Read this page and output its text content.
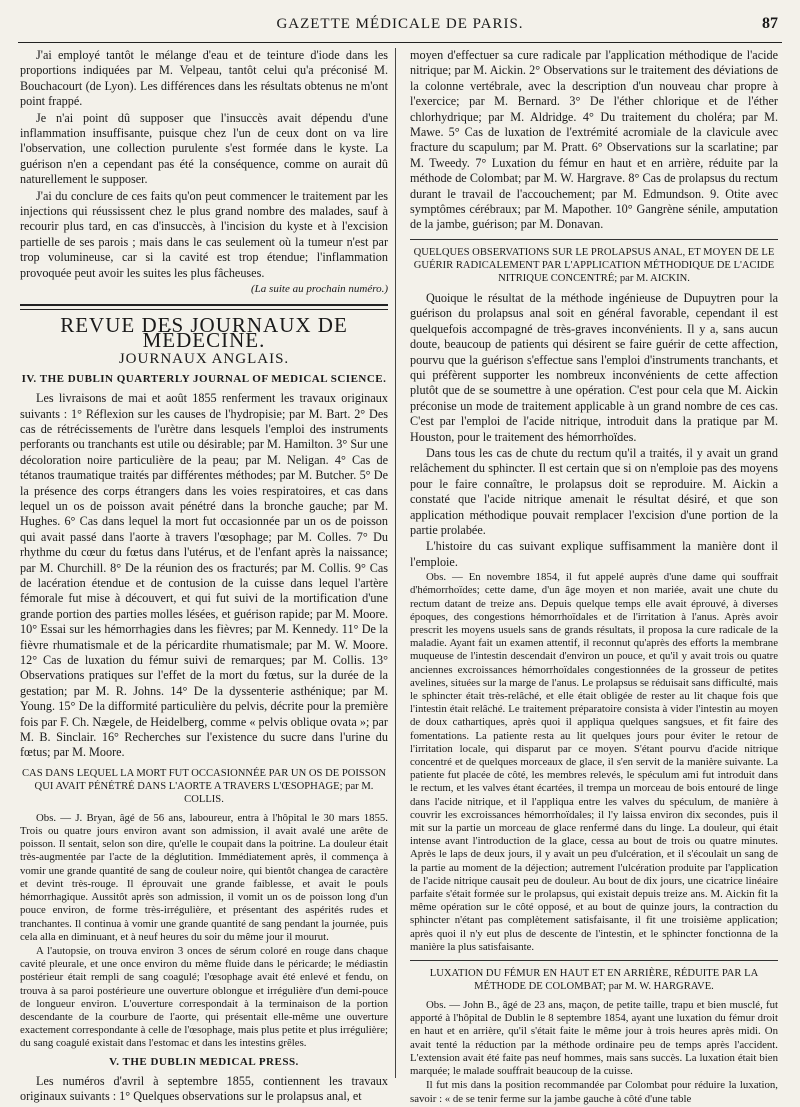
GAZETTE MÉDICALE DE PARIS.	87

J'ai employé tantôt le mélange d'eau et de teinture d'iode dans les proportions indiquées par M. Velpeau, tantôt celui qu'a préconisé M. Bouchacourt (de Lyon). Les différences dans les résultats obtenus ne m'ont point frappé.

Je n'ai point dû supposer que l'insuccès avait dépendu d'une inflammation insuffisante, puisque chez l'un de ceux dont on va lire l'observation, une collection purulente s'est formée dans le kyste. La guérison n'en a cependant pas été la conséquence, comme on aurait dû naturellement le supposer.

J'ai du conclure de ces faits qu'on peut commencer le traitement par les injections qui réussissent chez le plus grand nombre des malades, sauf à recourir plus tard, en cas d'insuccès, à l'incision du kyste et à l'excision partielle de ses parois ; mais dans le cas seulement où la tumeur n'est par trop volumineuse, car si la cavité est trop étendue; l'inflammation provoquée peut avoir les suites les plus fâcheuses.

(La suite au prochain numéro.)

REVUE DES JOURNAUX DE MÉDECINE.
JOURNAUX ANGLAIS.
IV. THE DUBLIN QUARTERLY JOURNAL OF MEDICAL SCIENCE.

Les livraisons de mai et août 1855 renferment les travaux originaux suivants : 1° Réflexion sur les causes de l'hydropisie; par M. Bart. 2° Des cas de rétrécissements de l'urètre dans lesquels l'emploi des instruments perforants ou tranchants est utile ou désirable; par M. Hamilton. 3° Sur une décoloration noire particulière de la peau; par M. Neligan. 4° Cas de tétanos traumatique traités par différentes méthodes; par M. Butcher. 5° De la présence des corps étrangers dans les voies respiratoires, et cas dans lequel un os de poisson avait pénétré dans la bronche gauche; par M. Hughes. 6° Cas dans lequel la mort fut occasionnée par un os de poisson qui avait passé dans l'aorte à travers l'œsophage; par M. Colles. 7° Du rhythme du cœur du fœtus dans l'utérus, et de l'enfant après la naissance; par M. Churchill. 8° De la réunion des os fracturés; par M. Collis. 9° Cas de lacération étendue et de contusion de la cuisse dans lequel l'artère fémorale fut mise à découvert, et qui fut suivi de la mortification d'une grande portion des parties molles lésées, et guérison rapide; par M. Moore. 10° Essai sur les hémorrhagies dans les fièvres; par M. Kennedy. 11° De la fièvre rhumatismale et de la péricardite rhumatismale; par M. W. Moore. 12° Cas de luxation du fémur suivi de remarques; par M. Collis. 13° Observations pratiques sur l'effet de la mort du fœtus, sur la durée de la gestation; par M. R. Johns. 14° De la dyssenterie asthénique; par M. Young. 15° De la difformité particulière du pelvis, décrite pour la première fois par F. Ch. Nægele, de Heidelberg, comme « pelvis oblique ovata »; par M. B. Sinclair. 16° Recherches sur l'existence du sucre dans l'urine du fœtus; par M. Moore.

CAS DANS LEQUEL LA MORT FUT OCCASIONNÉE PAR UN OS DE POISSON QUI AVAIT PÉNÉTRÉ DANS L'AORTE A TRAVERS L'ŒSOPHAGE; par M. COLLIS.

Obs. — J. Bryan, âgé de 56 ans, laboureur, entra à l'hôpital le 30 mars 1855. Trois ou quatre jours environ avant son admission, il avait avalé une arête de poisson. Il sentait, selon son dire, qu'elle le coupait dans la poitrine. La douleur était très-augmentée par l'acte de la déglutition. Immédiatement après, il commença à vomir une grande quantité de sang de couleur noire, qui bientôt changea de caractère et devint très-rouge. Il éprouvait une grande faiblesse, et avait le pouls hémorrhagique. Aussitôt après son admission, il vomit un os de poisson long d'un pouce environ, de forme très-irrégulière, et présentant des aspérités rudes et tranchantes. Il continua à vomir une grande quantité de sang pendant la journée, puis cela alla en diminuant, et à neuf heures du soir du même jour il mourut.

A l'autopsie, on trouva environ 3 onces de sérum coloré en rouge dans chaque cavité pleurale, et une once environ du même fluide dans le péricarde; le médiastin postérieur était rempli de sang coagulé; l'œsophage avait été enlevé et fendu, on trouva à sa paroi postérieure une ouverture oblongue et irrégulière d'un demi-pouce de longueur environ. L'ouverture correspondait à la terminaison de la portion descendante de la courbure de l'aorte, qui présentait elle-même une ouverture exactement correspondante à celle de l'œsophage, mais plus petite et plus irrégulière; du sang coagulé existait dans l'estomac et dans les intestins grêles.

V. THE DUBLIN MEDICAL PRESS.

Les numéros d'avril à septembre 1855, contiennent les travaux originaux suivants : 1° Quelques observations sur le prolapsus anal, et

moyen d'effectuer sa cure radicale par l'application méthodique de l'acide nitrique; par M. Aickin. 2° Observations sur le traitement des déviations de la colonne vertébrale, avec la description d'un nouveau char propre à l'exercice; par M. Bernard. 3° De l'éther chlorique et de l'éther chlorhydrique; par M. Aldridge. 4° Du traitement du choléra; par M. Mawe. 5° Cas de luxation de l'extrémité acromiale de la clavicule avec fracture du scapulum; par M. Pratt. 6° Observations sur la scarlatine; par M. Tweedy. 7° Luxation du fémur en haut et en arrière, réduite par la méthode de Colombat; par M. W. Hargrave. 8° Cas de prolapsus du rectum durant le travail de l'accouchement; par M. Edmundson. 9. Otite avec symptômes cérébraux; par M. Mapother. 10° Gangrène sénile, amputation de la jambe, guérison; par M. Donavan.

QUELQUES OBSERVATIONS SUR LE PROLAPSUS ANAL, ET MOYEN DE LE GUÉRIR RADICALEMENT PAR L'APPLICATION MÉTHODIQUE DE L'ACIDE NITRIQUE CONCENTRÉ; par M. AICKIN.

Quoique le résultat de la méthode ingénieuse de Dupuytren pour la guérison du prolapsus anal soit en général favorable, cependant il est quelquefois accompagné de très-graves inconvénients. Il y a, sans aucun doute, beaucoup de patients qui désirent se faire guérir de cette affection, pourvu que la guérison s'effectue sans l'emploi d'instruments tranchants, et qui préfèrent supporter les nombreux inconvénients de cette affection plutôt que de se soumettre à une opération. C'est pour cela que M. Aickin préconise un mode de traitement applicable à un grand nombre de ces cas. C'est par l'emploi de l'acide nitrique, introduit dans la pratique par M. Houston, pour le traitement des hémorrhoïdes.

Dans tous les cas de chute du rectum qu'il a traités, il y avait un grand relâchement du sphincter. Il est certain que si on n'emploie pas des moyens pour le faire connaître, le prolapsus doit se reproduire. M. Aickin a constaté que l'acide nitrique amenait le résultat désiré, et que son application méthodique pouvait remplacer l'excision d'une portion de la partie prolabée.

L'histoire du cas suivant explique suffisamment la manière dont il l'emploie.

Obs. — En novembre 1854, il fut appelé auprès d'une dame qui souffrait d'hémorrhoïdes; cette dame, d'un âge moyen et non mariée, avait une chute du rectum datant de treize ans. Depuis quelque temps elle avait éprouvé, à diverses époques, des congestions hémorrhoïdales et de l'irritation à l'anus. Après avoir prescrit les moyens usuels sans de grands résultats, il proposa la cure radicale de la maladie. Ayant fait un examen attentif, il reconnut qu'après des efforts la membrane muqueuse de l'intestin descendait d'environ un pouce, et qu'il y avait trois ou quatre anciennes excroissances hémorrhoïdales congestionnées de la grosseur de petites avelines, situées sur la marge de l'anus. Le prolapsus se réduisait sans difficulté, mais le sphincter était très-relâché, et elle était obligée de rester au lit chaque fois que l'intestin était relâché. Le traitement préparatoire consista à vider l'intestin au moyen de doux cathartiques, après quoi il appliqua quelques sangsues, et fit faire des fomentations. La patiente resta au lit quelques jours pour éviter le retour de l'irritation locale, qui disparut par ce moyen. S'étant pourvu d'acide nitrique concentré et de quelques morceaux de glace, il s'en servit de la manière suivante. La patiente fut placée de côté, les membres relevés, le spéculum ami fut introduit dans le rectum, et les valves étant écartées, il trempa un morceau de bois entouré de linge dans l'acide nitrique, et il l'appliqua entre les valves du spéculum, de manière à couvrir les excroissances hémorrhoïdales; il l'y laissa environ dix secondes, puis il mit sur la partie un morceau de glace renfermé dans du linge. La douleur, qui était intense avant l'introduction de la glace, cessa au bout de trois ou quatre minutes. Après le laps de deux jours, il y avait un peu d'ulcération, et il s'écoulait un sang de la partie au moment de la déjection; autrement l'ulcération produite par l'application de l'acide nitrique causait peu de douleur. Au bout de dix jours, une cicatrice linéaire parfaite s'était formée sur le prolapsus, qui existait depuis treize ans. M. Aickin fit la même opération sur le côté opposé, et au bout de quinze jours, la contraction du sphincter n'étant pas complètement satisfaisante, il fit une troisième application; après quoi il n'y eut plus de descente de l'intestin, et le sphincter fonctionna de la manière la plus satisfaisante.

LUXATION DU FÉMUR EN HAUT ET EN ARRIÈRE, RÉDUITE PAR LA MÉTHODE DE COLOMBAT; par M. W. HARGRAVE.

Obs. — John B., âgé de 23 ans, maçon, de petite taille, trapu et bien musclé, fut apporté à l'hôpital de Dublin le 8 septembre 1854, ayant une luxation du fémur droit en haut et en arrière, qu'il s'était faite le même jour à trois heures après midi. On avait tenté la réduction par la méthode ordinaire peu de temps après l'accident. L'extension avait été faite pas neuf hommes, mais sans succès. La luxation était bien marquée; le malade souffrait beaucoup de la cuisse.

Il fut mis dans la position recommandée par Colombat pour réduire la luxation, savoir : « de se tenir ferme sur la jambe gauche à côté d'une table
